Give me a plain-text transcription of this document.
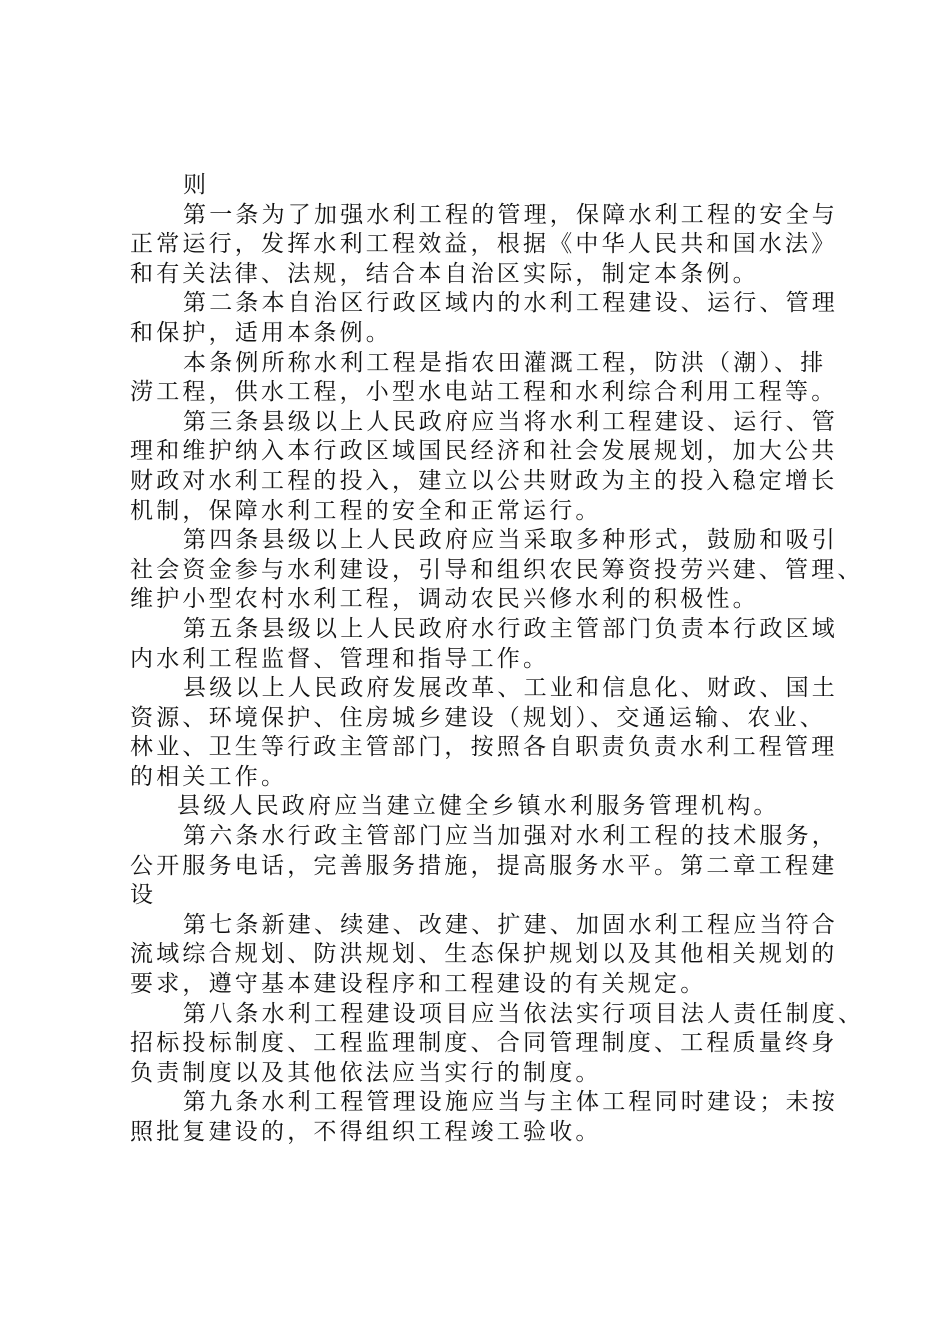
则
第一条为了加强水利工程的管理，保障水利工程的安全与
正常运行，发挥水利工程效益，根据《中华人民共和国水法》
和有关法律、法规，结合本自治区实际，制定本条例。
第二条本自治区行政区域内的水利工程建设、运行、管理
和保护，适用本条例。
本条例所称水利工程是指农田灌溉工程，防洪（潮）、排
涝工程，供水工程，小型水电站工程和水利综合利用工程等。
第三条县级以上人民政府应当将水利工程建设、运行、管
理和维护纳入本行政区域国民经济和社会发展规划，加大公共
财政对水利工程的投入，建立以公共财政为主的投入稳定增长
机制，保障水利工程的安全和正常运行。
第四条县级以上人民政府应当采取多种形式，鼓励和吸引
社会资金参与水利建设，引导和组织农民筹资投劳兴建、管理、
维护小型农村水利工程，调动农民兴修水利的积极性。
第五条县级以上人民政府水行政主管部门负责本行政区域
内水利工程监督、管理和指导工作。
县级以上人民政府发展改革、工业和信息化、财政、国土
资源、环境保护、住房城乡建设（规划）、交通运输、农业、
林业、卫生等行政主管部门，按照各自职责负责水利工程管理
的相关工作。
县级人民政府应当建立健全乡镇水利服务管理机构。
第六条水行政主管部门应当加强对水利工程的技术服务，
公开服务电话，完善服务措施，提高服务水平。第二章工程建
设
第七条新建、续建、改建、扩建、加固水利工程应当符合
流域综合规划、防洪规划、生态保护规划以及其他相关规划的
要求，遵守基本建设程序和工程建设的有关规定。
第八条水利工程建设项目应当依法实行项目法人责任制度、
招标投标制度、工程监理制度、合同管理制度、工程质量终身
负责制度以及其他依法应当实行的制度。
第九条水利工程管理设施应当与主体工程同时建设；未按
照批复建设的，不得组织工程竣工验收。
